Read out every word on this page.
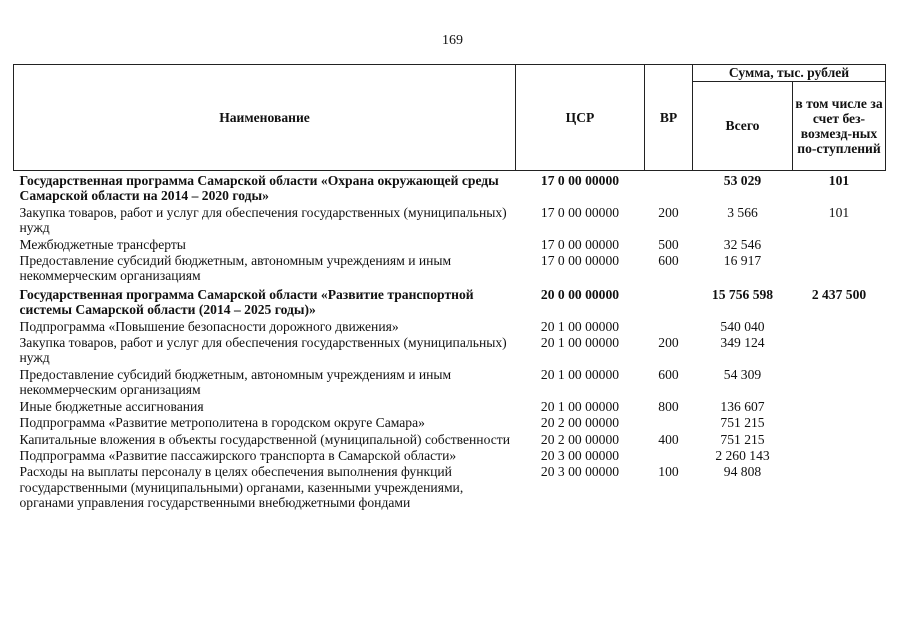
169
Наименование	ЦСР	ВР	Сумма, тыс. рублей	
			Всего	в том числе за счет без-возмезд-ных по-ступлений
Государственная программа Самарской области «Охрана окружающей среды Самарской области на 2014 – 2020 годы»	17 0 00 00000		53 029	101
Закупка товаров, работ и услуг для обеспечения государственных (муниципальных) нужд	17 0 00 00000	200	3 566	101
Межбюджетные трансферты	17 0 00 00000	500	32 546	
Предоставление субсидий бюджетным, автономным учреждениям и иным некоммерческим организациям	17 0 00 00000	600	16 917	
Государственная программа Самарской области «Развитие транспортной системы Самарской области (2014 – 2025 годы)»	20 0 00 00000		15 756 598	2 437 500
Подпрограмма «Повышение безопасности дорожного движения»	20 1 00 00000		540 040	
Закупка товаров, работ и услуг для обеспечения государственных (муниципальных) нужд	20 1 00 00000	200	349 124	
Предоставление субсидий бюджетным, автономным учреждениям и иным некоммерческим организациям	20 1 00 00000	600	54 309	
Иные бюджетные ассигнования	20 1 00 00000	800	136 607	
Подпрограмма «Развитие метрополитена в городском округе Самара»	20 2 00 00000		751 215	
Капитальные вложения в объекты государственной (муниципальной) собственности	20 2 00 00000	400	751 215	
Подпрограмма «Развитие пассажирского транспорта в Самарской области»	20 3 00 00000		2 260 143	
Расходы на выплаты персоналу в целях обеспечения выполнения функций государственными (муниципальными) органами, казенными учреждениями, органами управления государственными внебюджетными фондами	20 3 00 00000	100	94 808	
